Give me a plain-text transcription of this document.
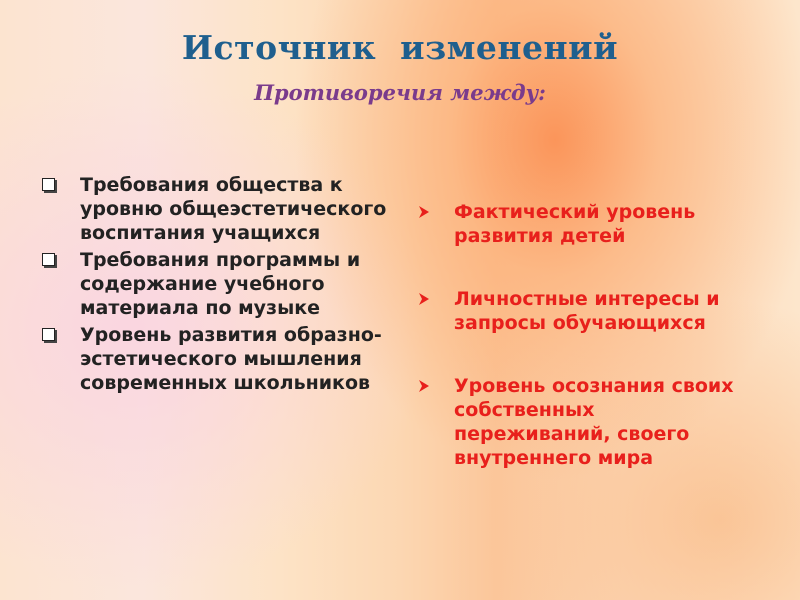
Источник  изменений
Противоречия между:
Требования общества к уровню общеэстетического воспитания учащихся
Требования программы и содержание учебного материала по музыке
Уровень развития образно-эстетического мышления современных школьников
Фактический уровень развития детей
Личностные интересы и запросы обучающихся
Уровень осознания своих собственных переживаний, своего внутреннего мира
